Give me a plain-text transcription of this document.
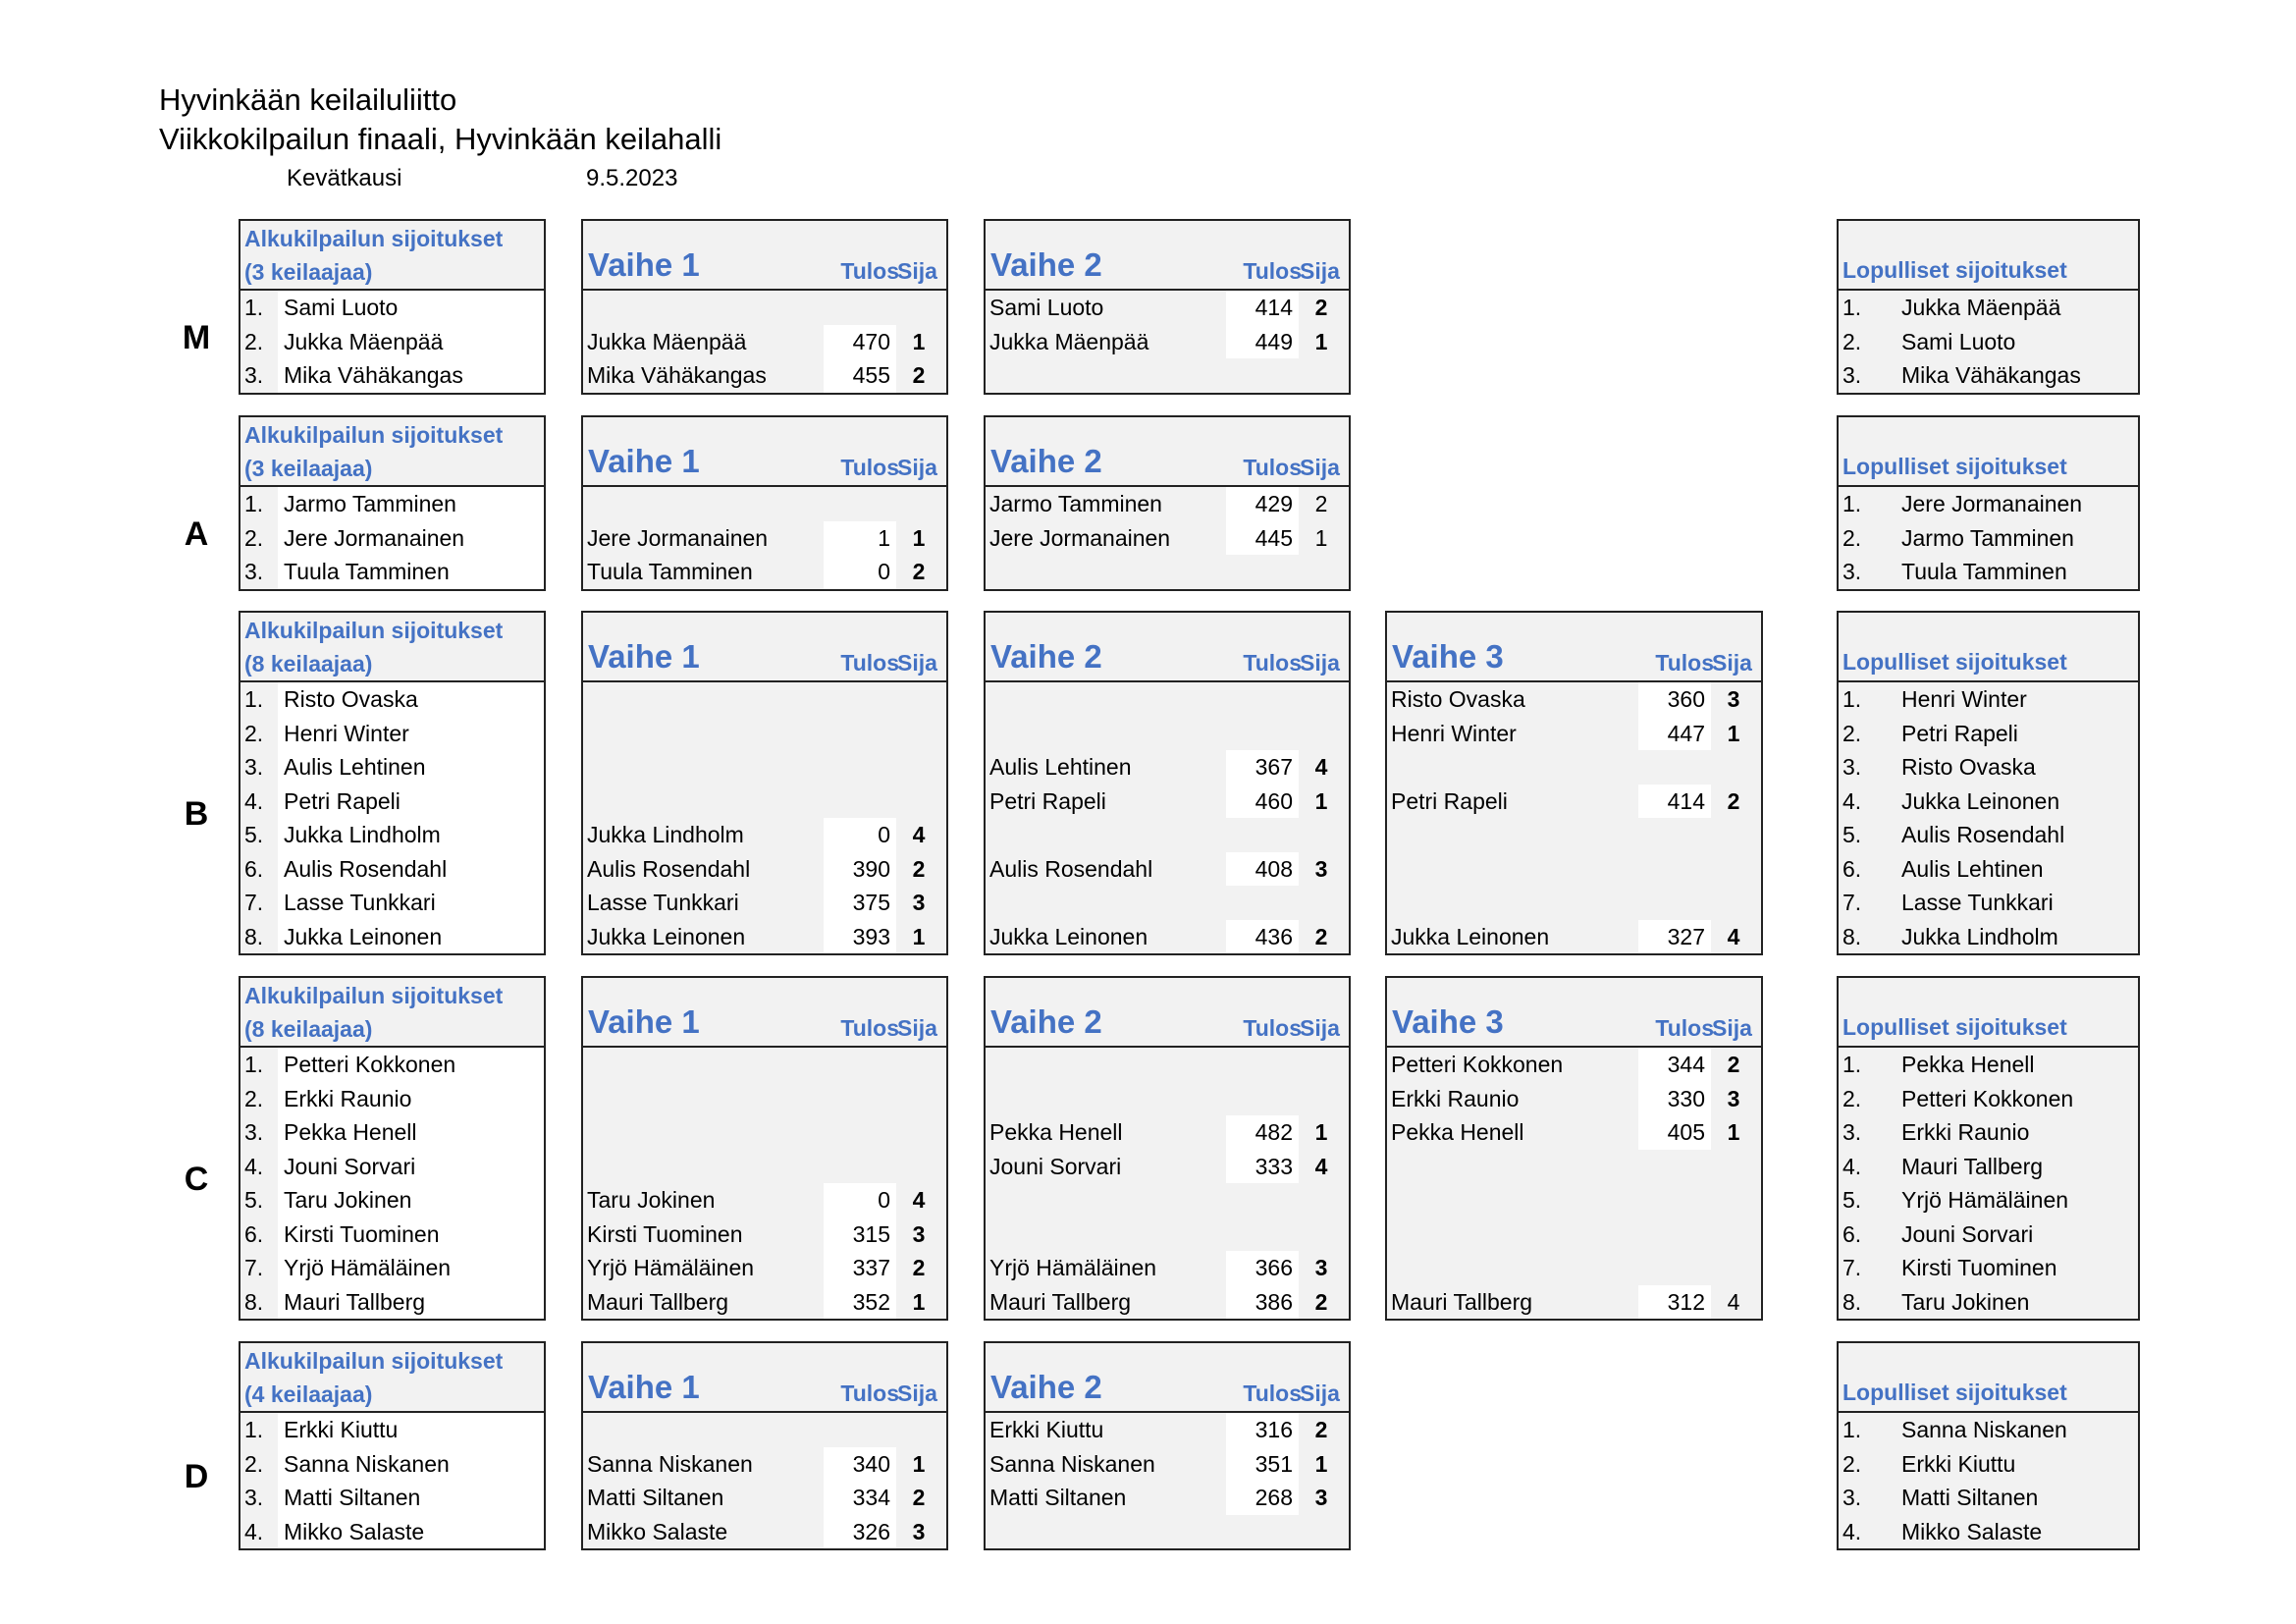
Hyvinkään keilailuliitto
Viikkokilpailun finaali, Hyvinkään keilahalli
Kevätkausi	9.5.2023
M
Alkukilpailun sijoitukset
(3 keilaajaa)
1. Sami Luoto
2. Jukka Mäenpää
3. Mika Vähäkangas
Vaihe 1	Tulos
Sija
Jukka Mäenpää	470 1
Mika Vähäkangas	455 2
Vaihe 2	Tulos
Sija
Sami Luoto	414 2
Jukka Mäenpää	449 1
Lopulliset sijoitukset
1. Jukka Mäenpää
2. Sami Luoto
3. Mika Vähäkangas
A
Alkukilpailun sijoitukset
(3 keilaajaa)
1. Jarmo Tamminen
2. Jere Jormanainen
3. Tuula Tamminen
Vaihe 1	Tulos
Sija
Jere Jormanainen	1 1
Tuula Tamminen	0 2
Vaihe 2	Tulos
Sija
Jarmo Tamminen	429 2
Jere Jormanainen	445 1
Lopulliset sijoitukset
1. Jere Jormanainen
2. Jarmo Tamminen
3. Tuula Tamminen
B
Alkukilpailun sijoitukset
(8 keilaajaa)
1. Risto Ovaska
2. Henri Winter
3. Aulis Lehtinen
4. Petri Rapeli
5. Jukka Lindholm
6. Aulis Rosendahl
7. Lasse Tunkkari
8. Jukka Leinonen
Vaihe 1	Tulos
Sija
Jukka Lindholm	0 4
Aulis Rosendahl	390 2
Lasse Tunkkari	375 3
Jukka Leinonen	393 1
Vaihe 2	Tulos
Sija
Aulis Lehtinen	367 4
Petri Rapeli	460 1
Aulis Rosendahl	408 3
Jukka Leinonen	436 2
Vaihe 3	Tulos
Sija
Risto Ovaska	360 3
Henri Winter	447 1
Petri Rapeli	414 2
Jukka Leinonen	327 4
Lopulliset sijoitukset
1. Henri Winter
2. Petri Rapeli
3. Risto Ovaska
4. Jukka Leinonen
5. Aulis Rosendahl
6. Aulis Lehtinen
7. Lasse Tunkkari
8. Jukka Lindholm
C
Alkukilpailun sijoitukset
(8 keilaajaa)
1. Petteri Kokkonen
2. Erkki Raunio
3. Pekka Henell
4. Jouni Sorvari
5. Taru Jokinen
6. Kirsti Tuominen
7. Yrjö Hämäläinen
8. Mauri Tallberg
Vaihe 1	Tulos
Sija
Taru Jokinen	0 4
Kirsti Tuominen	315 3
Yrjö Hämäläinen	337 2
Mauri Tallberg	352 1
Vaihe 2	Tulos
Sija
Pekka Henell	482 1
Jouni Sorvari	333 4
Yrjö Hämäläinen	366 3
Mauri Tallberg	386 2
Vaihe 3	Tulos
Sija
Petteri Kokkonen	344 2
Erkki Raunio	330 3
Pekka Henell	405 1
Mauri Tallberg	312 4
Lopulliset sijoitukset
1. Pekka Henell
2. Petteri Kokkonen
3. Erkki Raunio
4. Mauri Tallberg
5. Yrjö Hämäläinen
6. Jouni Sorvari
7. Kirsti Tuominen
8. Taru Jokinen
D
Alkukilpailun sijoitukset
(4 keilaajaa)
1. Erkki Kiuttu
2. Sanna Niskanen
3. Matti Siltanen
4. Mikko Salaste
Vaihe 1	Tulos
Sija
Sanna Niskanen	340 1
Matti Siltanen	334 2
Mikko Salaste	326 3
Vaihe 2	Tulos
Sija
Erkki Kiuttu	316 2
Sanna Niskanen	351 1
Matti Siltanen	268 3
Lopulliset sijoitukset
1. Sanna Niskanen
2. Erkki Kiuttu
3. Matti Siltanen
4. Mikko Salaste
